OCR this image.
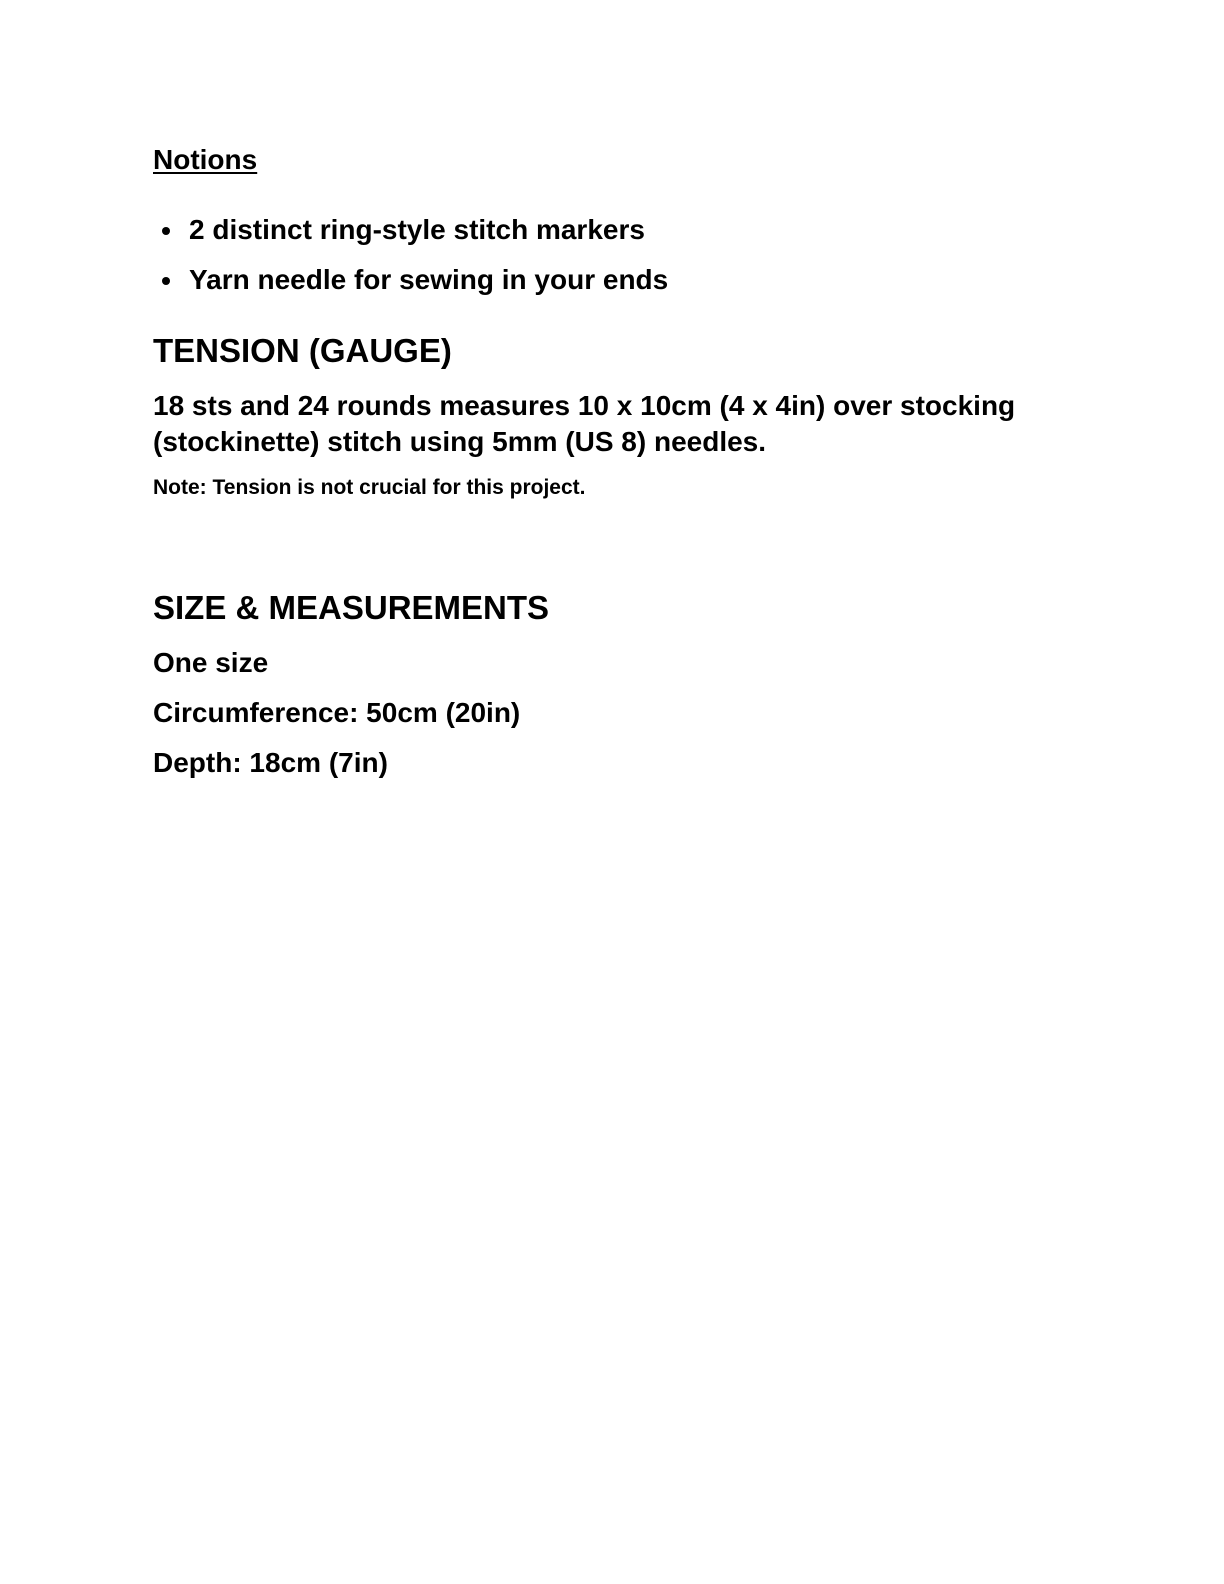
Notions
2 distinct ring-style stitch markers
Yarn needle for sewing in your ends
TENSION (GAUGE)

18 sts and 24 rounds measures 10 x 10cm (4 x 4in) over stocking (stockinette) stitch using 5mm (US 8) needles.

Note: Tension is not crucial for this project.

SIZE & MEASUREMENTS

One size

Circumference: 50cm (20in)

Depth: 18cm (7in)
